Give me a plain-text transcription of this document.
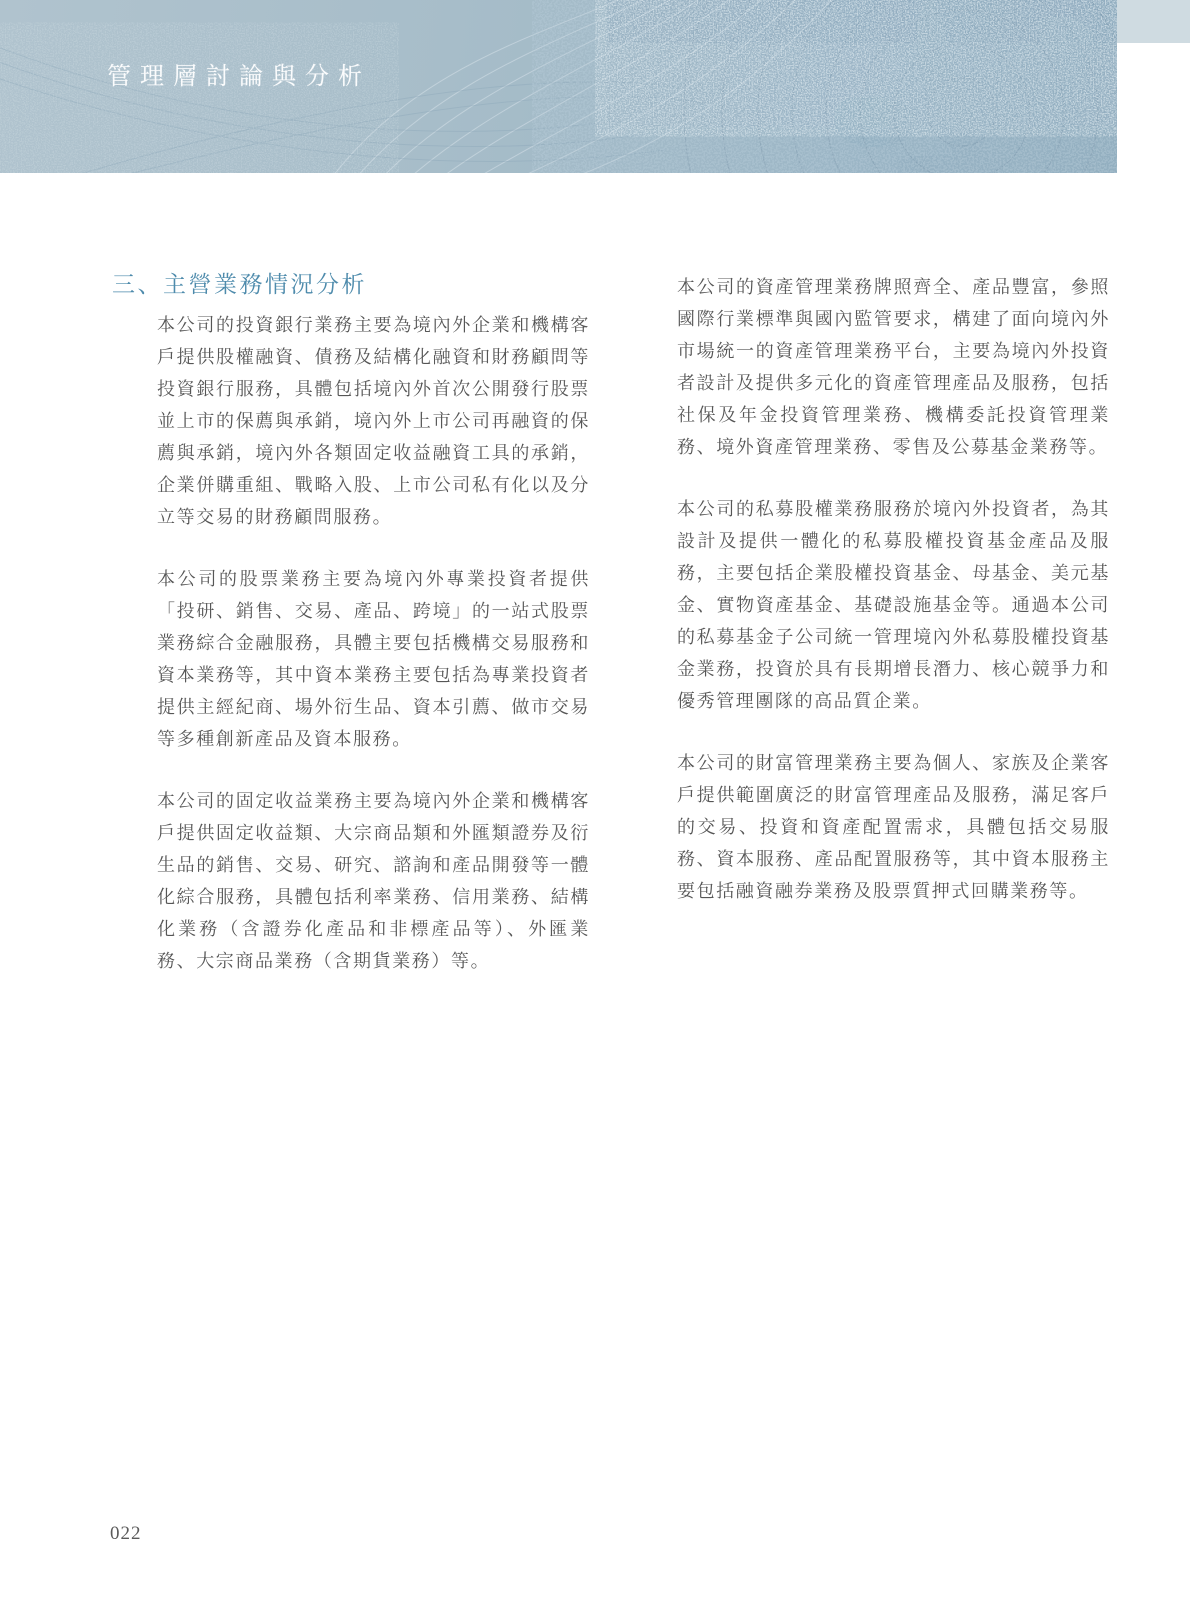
管理層討論與分析
三、主營業務情況分析

本公司的投資銀行業務主要為境內外企業和機構客戶提供股權融資、債務及結構化融資和財務顧問等投資銀行服務，具體包括境內外首次公開發行股票並上市的保薦與承銷，境內外上市公司再融資的保薦與承銷，境內外各類固定收益融資工具的承銷，企業併購重組、戰略入股、上市公司私有化以及分立等交易的財務顧問服務。

本公司的股票業務主要為境內外專業投資者提供「投研、銷售、交易、產品、跨境」的一站式股票業務綜合金融服務，具體主要包括機構交易服務和資本業務等，其中資本業務主要包括為專業投資者提供主經紀商、場外衍生品、資本引薦、做市交易等多種創新產品及資本服務。

本公司的固定收益業務主要為境內外企業和機構客戶提供固定收益類、大宗商品類和外匯類證券及衍生品的銷售、交易、研究、諮詢和產品開發等一體化綜合服務，具體包括利率業務、信用業務、結構化業務（含證券化產品和非標產品等）、外匯業務、大宗商品業務（含期貨業務）等。

本公司的資產管理業務牌照齊全、產品豐富，參照國際行業標準與國內監管要求，構建了面向境內外市場統一的資產管理業務平台，主要為境內外投資者設計及提供多元化的資產管理產品及服務，包括社保及年金投資管理業務、機構委託投資管理業務、境外資產管理業務、零售及公募基金業務等。

本公司的私募股權業務服務於境內外投資者，為其設計及提供一體化的私募股權投資基金產品及服務，主要包括企業股權投資基金、母基金、美元基金、實物資產基金、基礎設施基金等。通過本公司的私募基金子公司統一管理境內外私募股權投資基金業務，投資於具有長期增長潛力、核心競爭力和優秀管理團隊的高品質企業。

本公司的財富管理業務主要為個人、家族及企業客戶提供範圍廣泛的財富管理產品及服務，滿足客戶的交易、投資和資產配置需求，具體包括交易服務、資本服務、產品配置服務等，其中資本服務主要包括融資融券業務及股票質押式回購業務等。

022
